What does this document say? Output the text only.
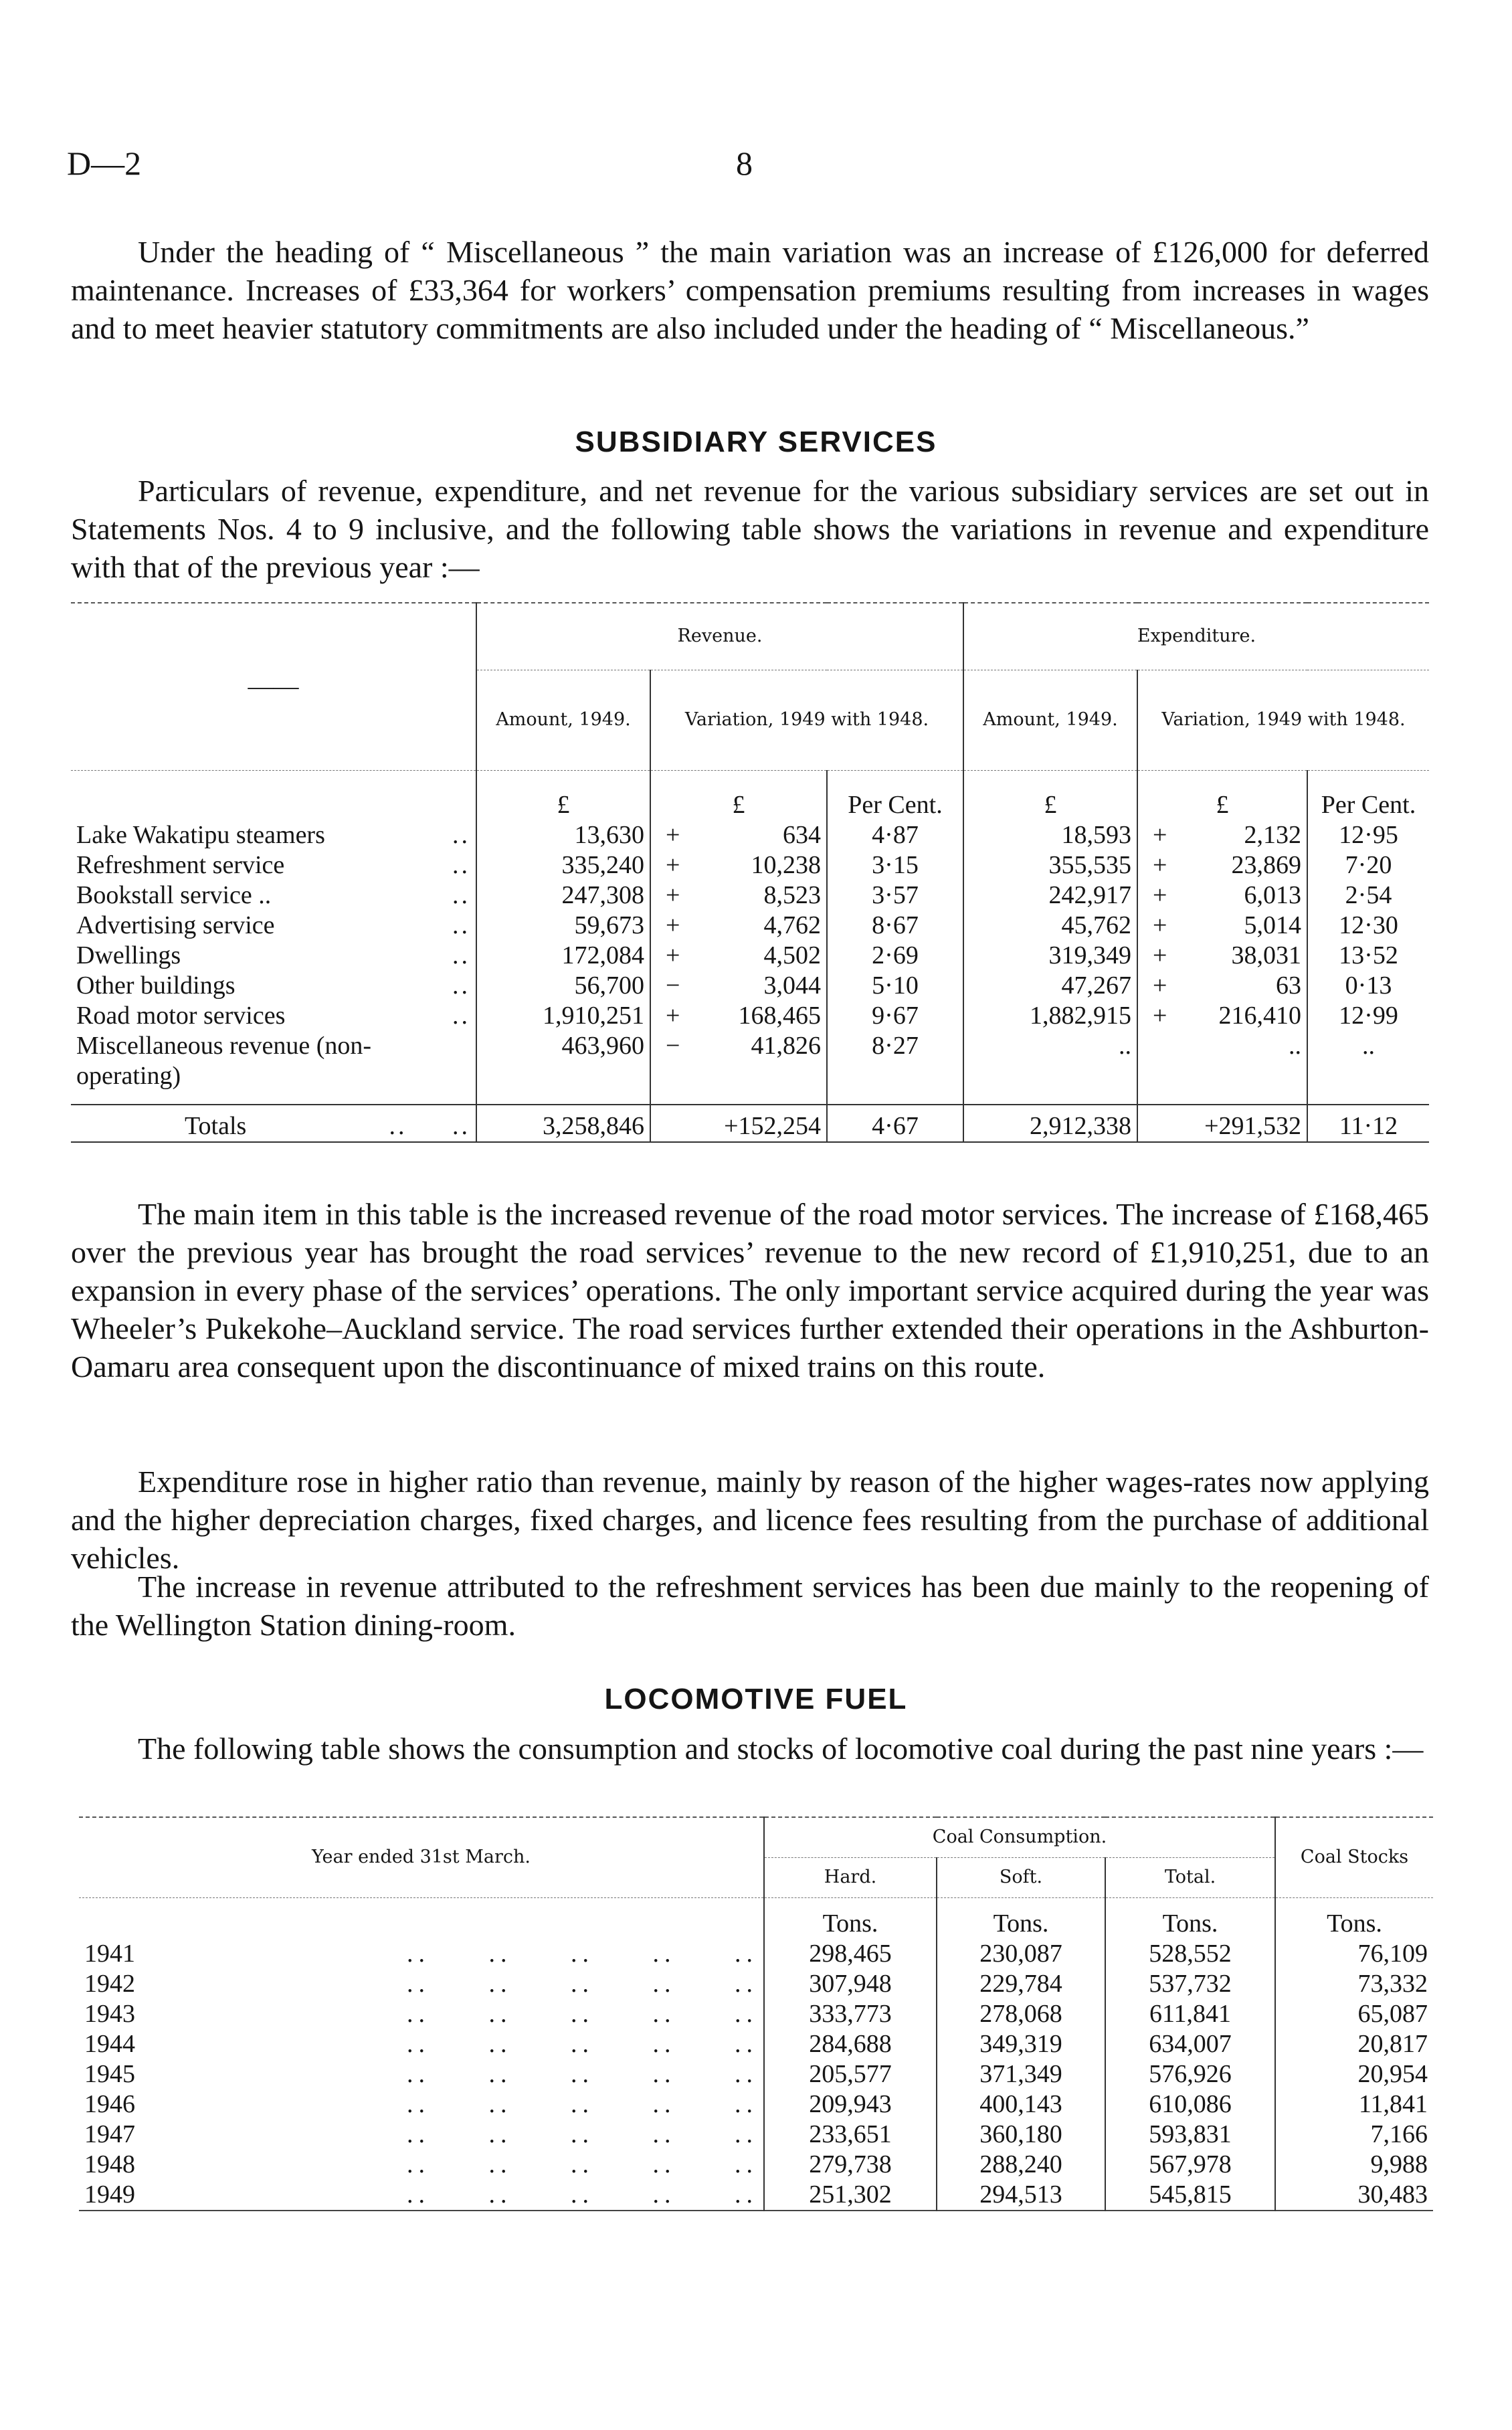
D—2	8

Under the heading of “ Miscellaneous ” the main variation was an increase of £126,000 for deferred maintenance. Increases of £33,364 for workers’ compensation premiums resulting from increases in wages and to meet heavier statutory commitments are also included under the heading of “ Miscellaneous.”

SUBSIDIARY SERVICES

Particulars of revenue, expenditure, and net revenue for the various subsidiary services are set out in Statements Nos. 4 to 9 inclusive, and the following table shows the variations in revenue and expenditure with that of the previous year :—

——	Revenue.			Expenditure.		
	Amount, 1949.	Variation, 1949 with 1948.		Amount, 1949.	Variation, 1949 with 1948.	
	£	£	Per Cent.	£	£	Per Cent.

..
Lake Wakatipu steamers	13,630	+ 634	4·87	18,593	+ 2,132	12·95

..
Refreshment service	335,240	+ 10,238	3·15	355,535	+ 23,869	7·20

..
Bookstall service ..	247,308	+ 8,523	3·57	242,917	+ 6,013	2·54

..
Advertising service	59,673	+ 4,762	8·67	45,762	+ 5,014	12·30

..
Dwellings	172,084	+ 4,502	2·69	319,349	+ 38,031	13·52

..
Other buildings	56,700	− 3,044	5·10	47,267	+ 63	0·13

..
Road motor services	1,910,251	+ 168,465	9·67	1,882,915	+ 216,410	12·99

Miscellaneous revenue (non-operating)	463,960	− 41,826	8·27	..	..	..

..     ..
Totals	3,258,846	+152,254	4·67	2,912,338	+291,532	11·12

The main item in this table is the increased revenue of the road motor services. The increase of £168,465 over the previous year has brought the road services’ revenue to the new record of £1,910,251, due to an expansion in every phase of the services’ operations. The only important service acquired during the year was Wheeler’s Pukekohe–Auckland service. The road services further extended their operations in the Ashburton-Oamaru area consequent upon the discontinuance of mixed trains on this route.

Expenditure rose in higher ratio than revenue, mainly by reason of the higher wages-rates now applying and the higher depreciation charges, fixed charges, and licence fees resulting from the purchase of additional vehicles.

The increase in revenue attributed to the refreshment services has been due mainly to the reopening of the Wellington Station dining-room.

LOCOMOTIVE FUEL

The following table shows the consumption and stocks of locomotive coal during the past nine years :—

Year ended 31st March.	Coal Consumption.			Coal Stocks
	Hard.	Soft.	Total.	
	Tons.	Tons.	Tons.	Tons.

..     ..     ..     ..     ..
1941	298,465	230,087	528,552	76,109

..     ..     ..     ..     ..
1942	307,948	229,784	537,732	73,332

..     ..     ..     ..     ..
1943	333,773	278,068	611,841	65,087

..     ..     ..     ..     ..
1944	284,688	349,319	634,007	20,817

..     ..     ..     ..     ..
1945	205,577	371,349	576,926	20,954

..     ..     ..     ..     ..
1946	209,943	400,143	610,086	11,841

..     ..     ..     ..     ..
1947	233,651	360,180	593,831	7,166

..     ..     ..     ..     ..
1948	279,738	288,240	567,978	9,988

..     ..     ..     ..     ..
1949	251,302	294,513	545,815	30,483
